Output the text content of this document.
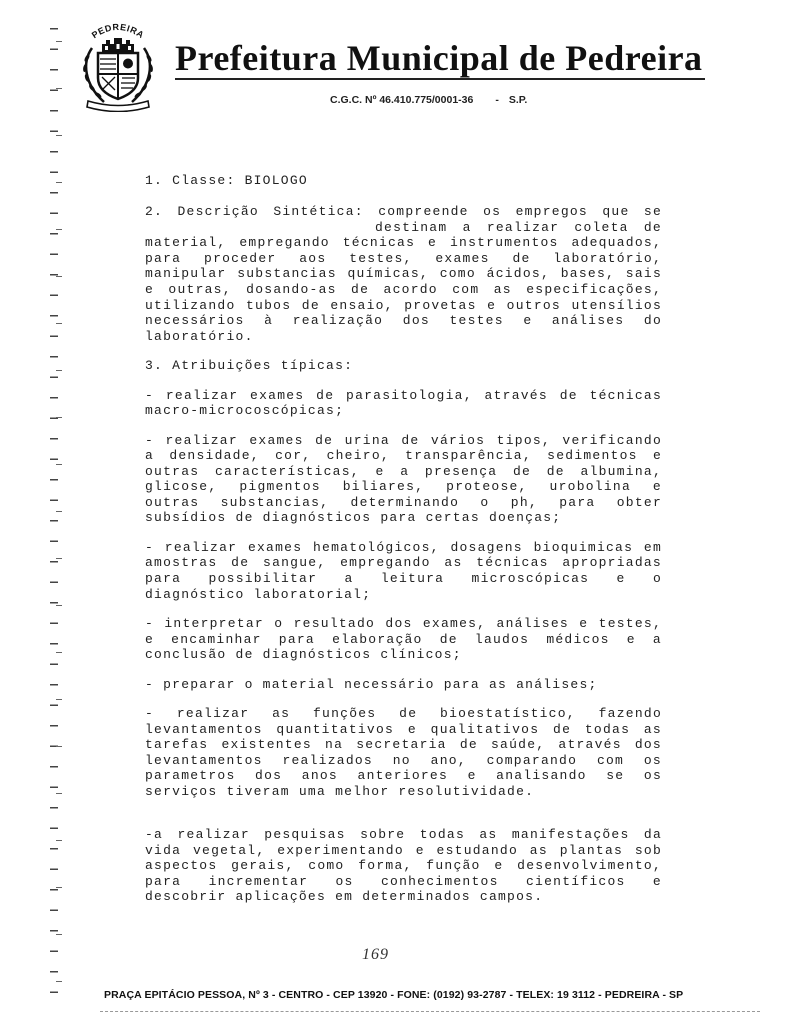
PEDREIRA
Prefeitura Municipal de Pedreira
C.G.C. Nº 46.410.775/0001-36 - S.P.
1. Classe: BIOLOGO
2. Descrição Sintética: compreende os empregos que se
destinam a realizar coleta de
material, empregando técnicas e instrumentos adequados,
para proceder aos testes, exames de laboratório,
manipular substancias químicas, como ácidos, bases, sais
e outras, dosando-as de acordo com as especificações,
utilizando tubos de ensaio, provetas e outros utensílios
necessários à realização dos testes e análises do
laboratório.
3. Atribuições típicas:
- realizar exames de parasitologia, através de técnicas
macro-microcoscópicas;
- realizar exames de urina de vários tipos, verificando
a densidade, cor, cheiro, transparência, sedimentos e
outras características, e a presença de de albumina,
glicose, pigmentos biliares, proteose, urobolina e
outras substancias, determinando o ph, para obter
subsídios de diagnósticos para certas doenças;
- realizar exames hematológicos, dosagens bioquimicas em
amostras de sangue, empregando as técnicas apropriadas
para possibilitar a leitura microscópicas e o
diagnóstico laboratorial;
- interpretar o resultado dos exames, análises e testes,
e encaminhar para elaboração de laudos médicos e a
conclusão de diagnósticos clínicos;
- preparar o material necessário para as análises;
- realizar as funções de bioestatístico, fazendo
levantamentos quantitativos e qualitativos de todas as
tarefas existentes na secretaria de saúde, através dos
levantamentos realizados no ano, comparando com os
parametros dos anos anteriores e analisando se os
serviços tiveram uma melhor resolutividade.
-a realizar pesquisas sobre todas as manifestações da
vida vegetal, experimentando e estudando as plantas sob
aspectos gerais, como forma, função e desenvolvimento,
para incrementar os conhecimentos científicos e
descobrir aplicações em determinados campos.
169
PRAÇA EPITÁCIO PESSOA, Nº 3 - CENTRO - CEP 13920 - FONE: (0192) 93-2787 - TELEX: 19 3112 - PEDREIRA - SP
